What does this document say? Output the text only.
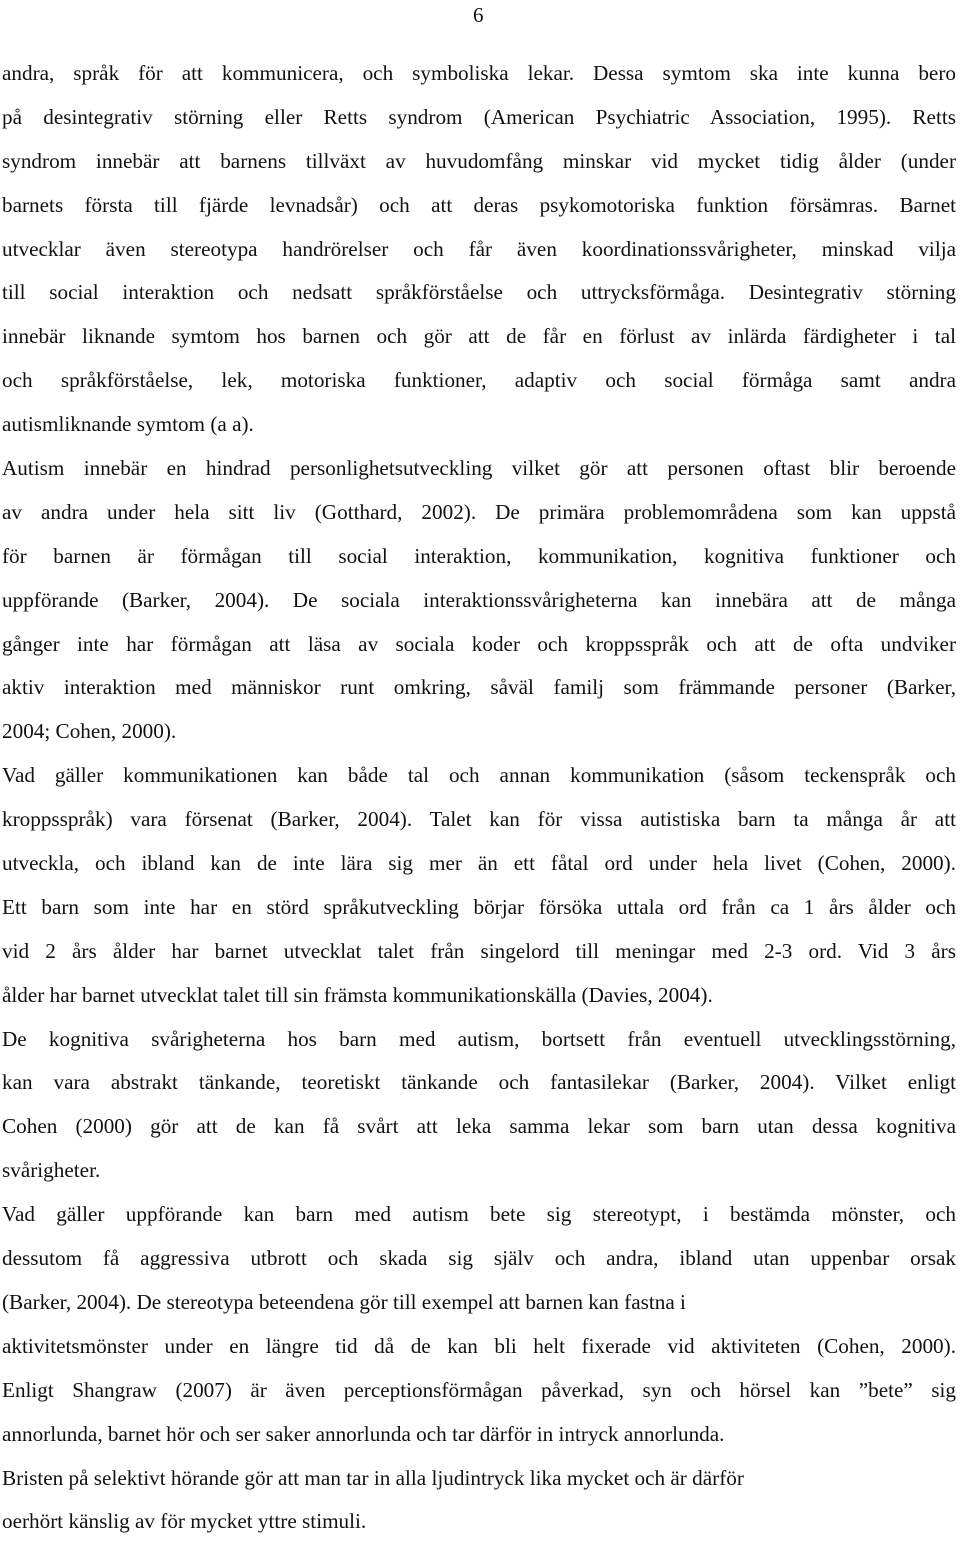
6
andra, språk för att kommunicera, och symboliska lekar. Dessa symtom ska inte kunna bero
på desintegrativ störning eller Retts syndrom (American Psychiatric Association, 1995). Retts
syndrom innebär att barnens tillväxt av huvudomfång minskar vid mycket tidig ålder (under
barnets första till fjärde levnadsår) och att deras psykomotoriska funktion försämras. Barnet
utvecklar även stereotypa handrörelser och får även koordinationssvårigheter, minskad vilja
till social interaktion och nedsatt språkförståelse och uttrycksförmåga. Desintegrativ störning
innebär liknande symtom hos barnen och gör att de får en förlust av inlärda färdigheter i tal
och språkförståelse, lek, motoriska funktioner, adaptiv och social förmåga samt andra
autismliknande symtom (a a).
Autism innebär en hindrad personlighetsutveckling vilket gör att personen oftast blir beroende
av andra under hela sitt liv (Gotthard, 2002). De primära problemområdena som kan uppstå
för barnen är förmågan till social interaktion, kommunikation, kognitiva funktioner och
uppförande (Barker, 2004). De sociala interaktionssvårigheterna kan innebära att de många
gånger inte har förmågan att läsa av sociala koder och kroppsspråk och att de ofta undviker
aktiv interaktion med människor runt omkring, såväl familj som främmande personer (Barker,
2004; Cohen, 2000).
Vad gäller kommunikationen kan både tal och annan kommunikation (såsom teckenspråk och
kroppsspråk) vara försenat (Barker, 2004). Talet kan för vissa autistiska barn ta många år att
utveckla, och ibland kan de inte lära sig mer än ett fåtal ord under hela livet (Cohen, 2000).
Ett barn som inte har en störd språkutveckling börjar försöka uttala ord från ca 1 års ålder och
vid 2 års ålder har barnet utvecklat talet från singelord till meningar med 2-3 ord. Vid 3 års
ålder har barnet utvecklat talet till sin främsta kommunikationskälla (Davies, 2004).
De kognitiva svårigheterna hos barn med autism, bortsett från eventuell utvecklingsstörning,
kan vara abstrakt tänkande, teoretiskt tänkande och fantasilekar (Barker, 2004). Vilket enligt
Cohen (2000) gör att de kan få svårt att leka samma lekar som barn utan dessa kognitiva
svårigheter.
Vad gäller uppförande kan barn med autism bete sig stereotypt, i bestämda mönster, och
dessutom få aggressiva utbrott och skada sig själv och andra, ibland utan uppenbar orsak
(Barker, 2004). De stereotypa beteendena gör till exempel att barnen kan fastna i
aktivitetsmönster under en längre tid då de kan bli helt fixerade vid aktiviteten (Cohen, 2000).
Enligt Shangraw (2007) är även perceptionsförmågan påverkad, syn och hörsel kan ”bete” sig
annorlunda, barnet hör och ser saker annorlunda och tar därför in intryck annorlunda.
Bristen på selektivt hörande gör att man tar in alla ljudintryck lika mycket och är därför
oerhört känslig av för mycket yttre stimuli.
